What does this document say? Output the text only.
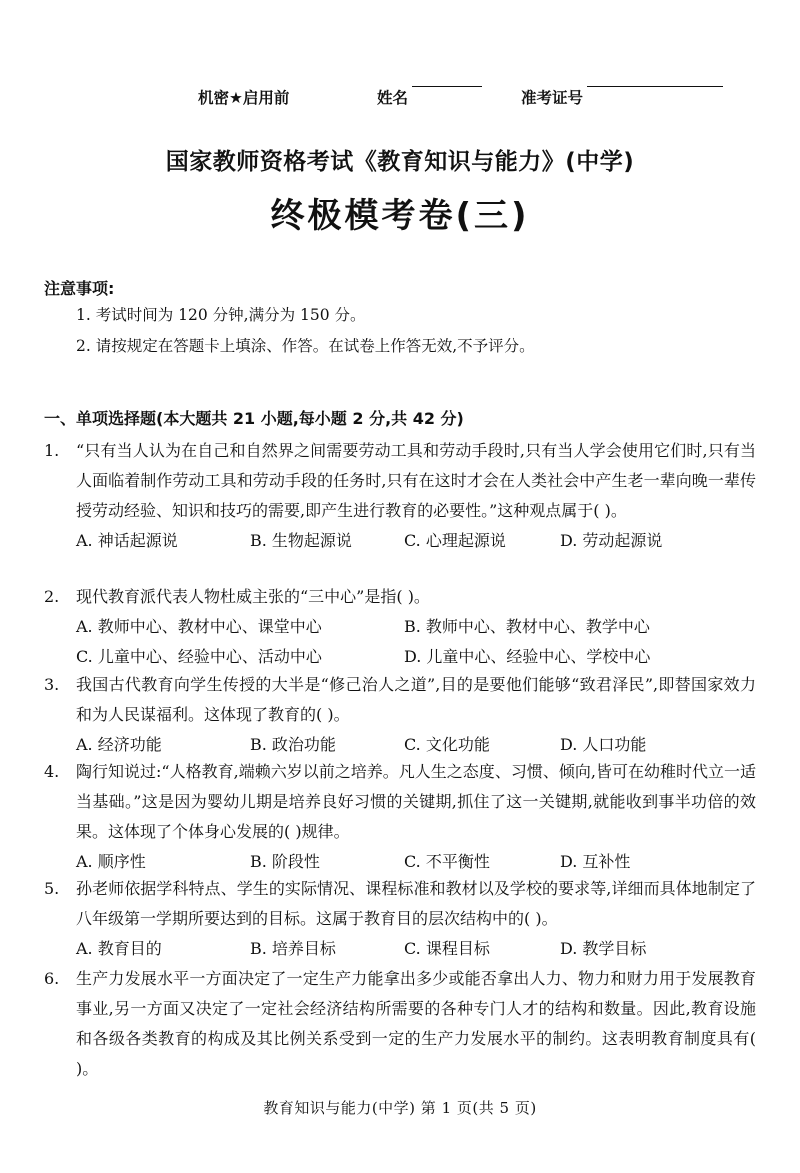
机密★启用前	姓名	准考证号
国家教师资格考试《教育知识与能力》(中学)
终极模考卷(三)
注意事项:
1. 考试时间为 120 分钟,满分为 150 分。
2. 请按规定在答题卡上填涂、作答。在试卷上作答无效,不予评分。
一、单项选择题(本大题共 21 小题,每小题 2 分,共 42 分)
1. “只有当人认为在自己和自然界之间需要劳动工具和劳动手段时,只有当人学会使用它们时,只有当人面临着制作劳动工具和劳动手段的任务时,只有在这时才会在人类社会中产生老一辈向晚一辈传授劳动经验、知识和技巧的需要,即产生进行教育的必要性。”这种观点属于( )。
A. 神话起源说	B. 生物起源说	C. 心理起源说	D. 劳动起源说
2. 现代教育派代表人物杜威主张的“三中心”是指( )。
A. 教师中心、教材中心、课堂中心	B. 教师中心、教材中心、教学中心
C. 儿童中心、经验中心、活动中心	D. 儿童中心、经验中心、学校中心
3. 我国古代教育向学生传授的大半是“修己治人之道”,目的是要他们能够“致君泽民”,即替国家效力和为人民谋福利。这体现了教育的( )。
A. 经济功能	B. 政治功能	C. 文化功能	D. 人口功能
4. 陶行知说过:“人格教育,端赖六岁以前之培养。凡人生之态度、习惯、倾向,皆可在幼稚时代立一适当基础。”这是因为婴幼儿期是培养良好习惯的关键期,抓住了这一关键期,就能收到事半功倍的效果。这体现了个体身心发展的( )规律。
A. 顺序性	B. 阶段性	C. 不平衡性	D. 互补性
5. 孙老师依据学科特点、学生的实际情况、课程标准和教材以及学校的要求等,详细而具体地制定了八年级第一学期所要达到的目标。这属于教育目的层次结构中的( )。
A. 教育目的	B. 培养目标	C. 课程目标	D. 教学目标
6. 生产力发展水平一方面决定了一定生产力能拿出多少或能否拿出人力、物力和财力用于发展教育事业,另一方面又决定了一定社会经济结构所需要的各种专门人才的结构和数量。因此,教育设施和各级各类教育的构成及其比例关系受到一定的生产力发展水平的制约。这表明教育制度具有( )。
教育知识与能力(中学) 第 1 页(共 5 页)
